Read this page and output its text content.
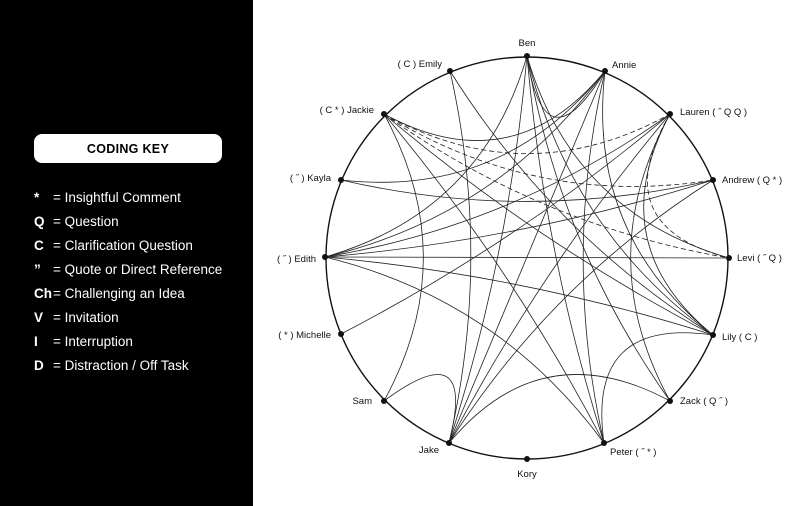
CODING KEY
*	= Insightful Comment
Q = Question
C = Clarification Question
” = Quote or Direct Reference
Ch = Challenging an Idea
V = Invitation
I	= Interruption
D = Distraction / Off Task
Ben
Annie
Lauren ( ˝ Q Q )
Andrew ( Q * )
Levi ( ˝ Q )
Lily ( C )
Zack ( Q ˝ )
Peter ( ˝ * )
Kory
Jake
Sam
( * ) Michelle
( ˝ ) Edith
( ˝ ) Kayla
( C * ) Jackie
( C ) Emily
